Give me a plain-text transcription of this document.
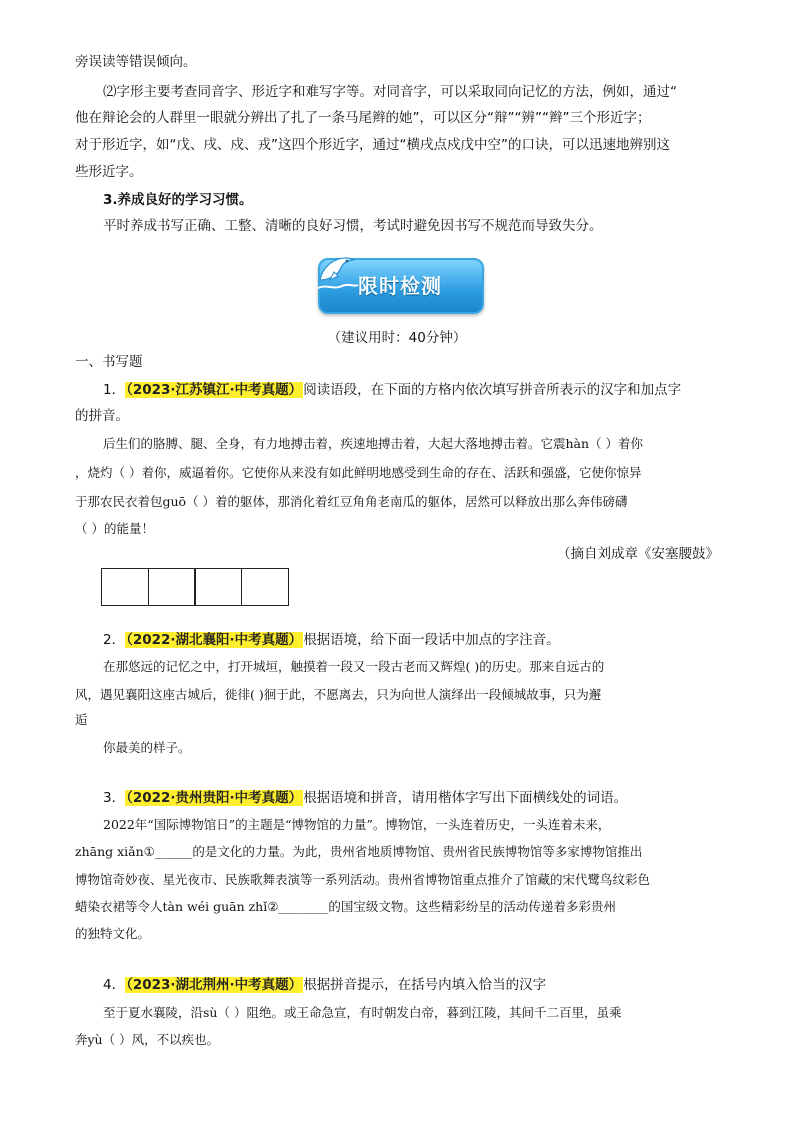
旁误读等错误倾向。
⑵字形主要考查同音字、形近字和难写字等。对同音字，可以采取同向记忆的方法，例如，通过“
他在辩论会的人群里一眼就分辨出了扎了一条马尾辫的她”，可以区分“辩”“辨”“辫”三个形近字；
对于形近字，如“戊、戌、戍、戎”这四个形近字，通过“横戌点戍戊中空”的口诀，可以迅速地辨别这
些形近字。
3.养成良好的学习习惯。
平时养成书写正确、工整、清晰的良好习惯，考试时避免因书写不规范而导致失分。
限时检测
（建议用时：40分钟）
一、书写题
1．（2023·江苏镇江·中考真题）阅读语段，在下面的方格内依次填写拼音所表示的汉字和加点字
的拼音。
后生们的胳膊、腿、全身，有力地搏击着，疾速地搏击着，大起大落地搏击着。它震hàn（ ）着你
，烧灼（ ）着你，威逼着你。它使你从来没有如此鲜明地感受到生命的存在、活跃和强盛，它使你惊异
于那农民衣着包guō（ ）着的躯体，那消化着红豆角角老南瓜的躯体，居然可以释放出那么奔伟磅礴
（ ）的能量！
（摘自刘成章《安塞腰鼓》
2．（2022·湖北襄阳·中考真题）根据语境，给下面一段话中加点的字注音。
在那悠远的记忆之中，打开城垣，触摸着一段又一段古老而又辉煌( )的历史。那来自远古的
风，遇见襄阳这座古城后，徙徘( )徊于此，不愿离去，只为向世人演绎出一段倾城故事，只为邂
逅
你最美的样子。
3．（2022·贵州贵阳·中考真题）根据语境和拼音，请用楷体字写出下面横线处的词语。
2022年“国际博物馆日”的主题是“博物馆的力量”。博物馆，一头连着历史，一头连着未来，
zhāng xiǎn①______的是文化的力量。为此，贵州省地质博物馆、贵州省民族博物馆等多家博物馆推出
博物馆奇妙夜、星光夜市、民族歌舞表演等一系列活动。贵州省博物馆重点推介了馆藏的宋代鹭鸟纹彩色
蜡染衣裙等令人tàn wéi guān zhǐ②________的国宝级文物。这些精彩纷呈的活动传递着多彩贵州
的独特文化。
4．（2023·湖北荆州·中考真题）根据拼音提示，在括号内填入恰当的汉字
至于夏水襄陵，沿sù（ ）阻绝。或王命急宣，有时朝发白帝，暮到江陵，其间千二百里，虽乘
奔yù（ ）风，不以疾也。
